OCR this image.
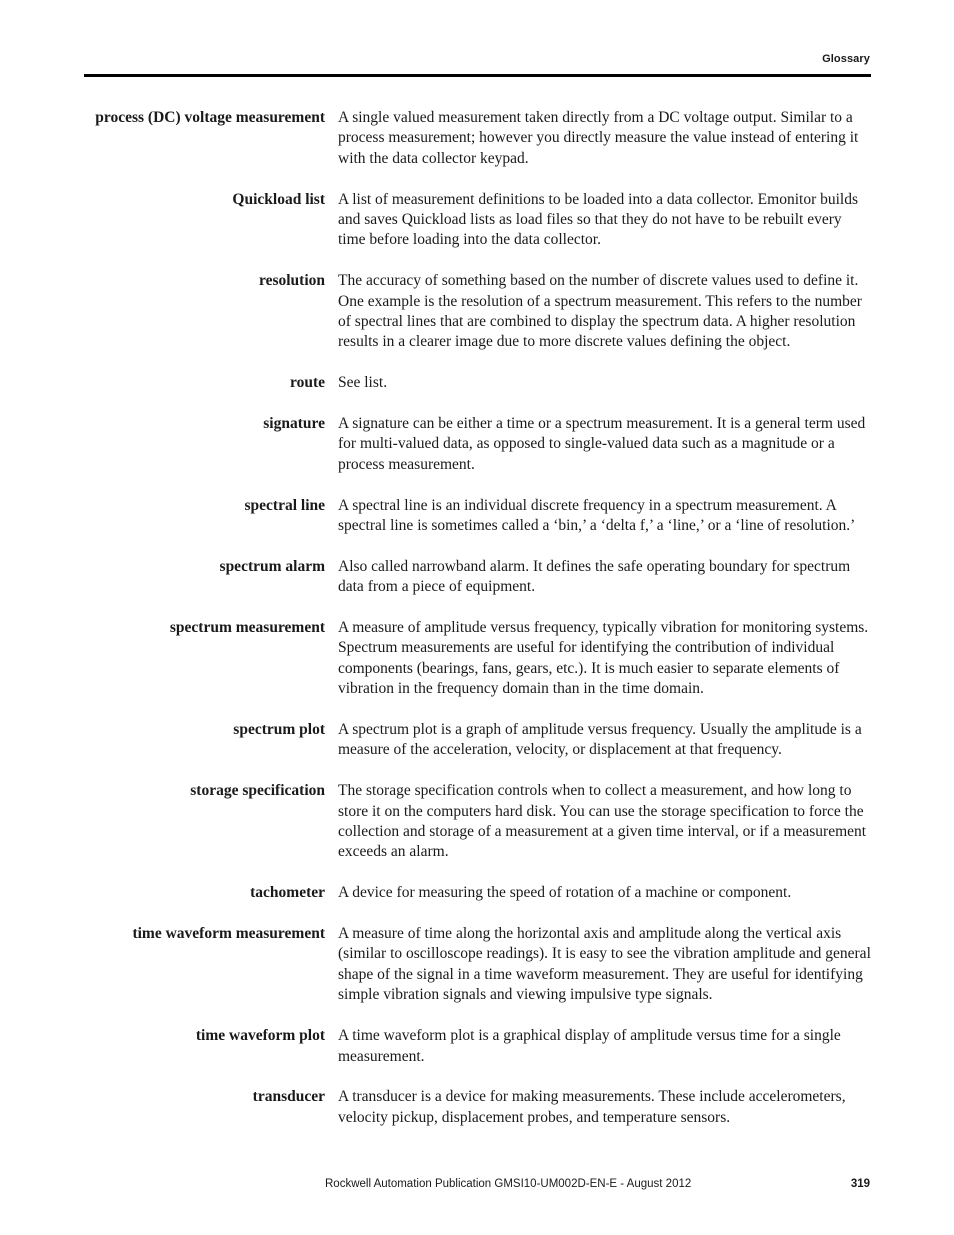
Glossary
process (DC) voltage measurement A single valued measurement taken directly from a DC voltage output. Similar to a process measurement; however you directly measure the value instead of entering it with the data collector keypad.
Quickload list A list of measurement definitions to be loaded into a data collector. Emonitor builds and saves Quickload lists as load files so that they do not have to be rebuilt every time before loading into the data collector.
resolution The accuracy of something based on the number of discrete values used to define it. One example is the resolution of a spectrum measurement. This refers to the number of spectral lines that are combined to display the spectrum data. A higher resolution results in a clearer image due to more discrete values defining the object.
route See list.
signature A signature can be either a time or a spectrum measurement. It is a general term used for multi-valued data, as opposed to single-valued data such as a magnitude or a process measurement.
spectral line A spectral line is an individual discrete frequency in a spectrum measurement. A spectral line is sometimes called a ‘bin,’ a ‘delta f,’ a ‘line,’ or a ‘line of resolution.’
spectrum alarm Also called narrowband alarm. It defines the safe operating boundary for spectrum data from a piece of equipment.
spectrum measurement A measure of amplitude versus frequency, typically vibration for monitoring systems. Spectrum measurements are useful for identifying the contribution of individual components (bearings, fans, gears, etc.). It is much easier to separate elements of vibration in the frequency domain than in the time domain.
spectrum plot A spectrum plot is a graph of amplitude versus frequency. Usually the amplitude is a measure of the acceleration, velocity, or displacement at that frequency.
storage specification The storage specification controls when to collect a measurement, and how long to store it on the computers hard disk. You can use the storage specification to force the collection and storage of a measurement at a given time interval, or if a measurement exceeds an alarm.
tachometer A device for measuring the speed of rotation of a machine or component.
time waveform measurement A measure of time along the horizontal axis and amplitude along the vertical axis (similar to oscilloscope readings). It is easy to see the vibration amplitude and general shape of the signal in a time waveform measurement. They are useful for identifying simple vibration signals and viewing impulsive type signals.
time waveform plot A time waveform plot is a graphical display of amplitude versus time for a single measurement.
transducer A transducer is a device for making measurements. These include accelerometers, velocity pickup, displacement probes, and temperature sensors.
Rockwell Automation Publication GMSI10-UM002D-EN-E - August 2012	319
